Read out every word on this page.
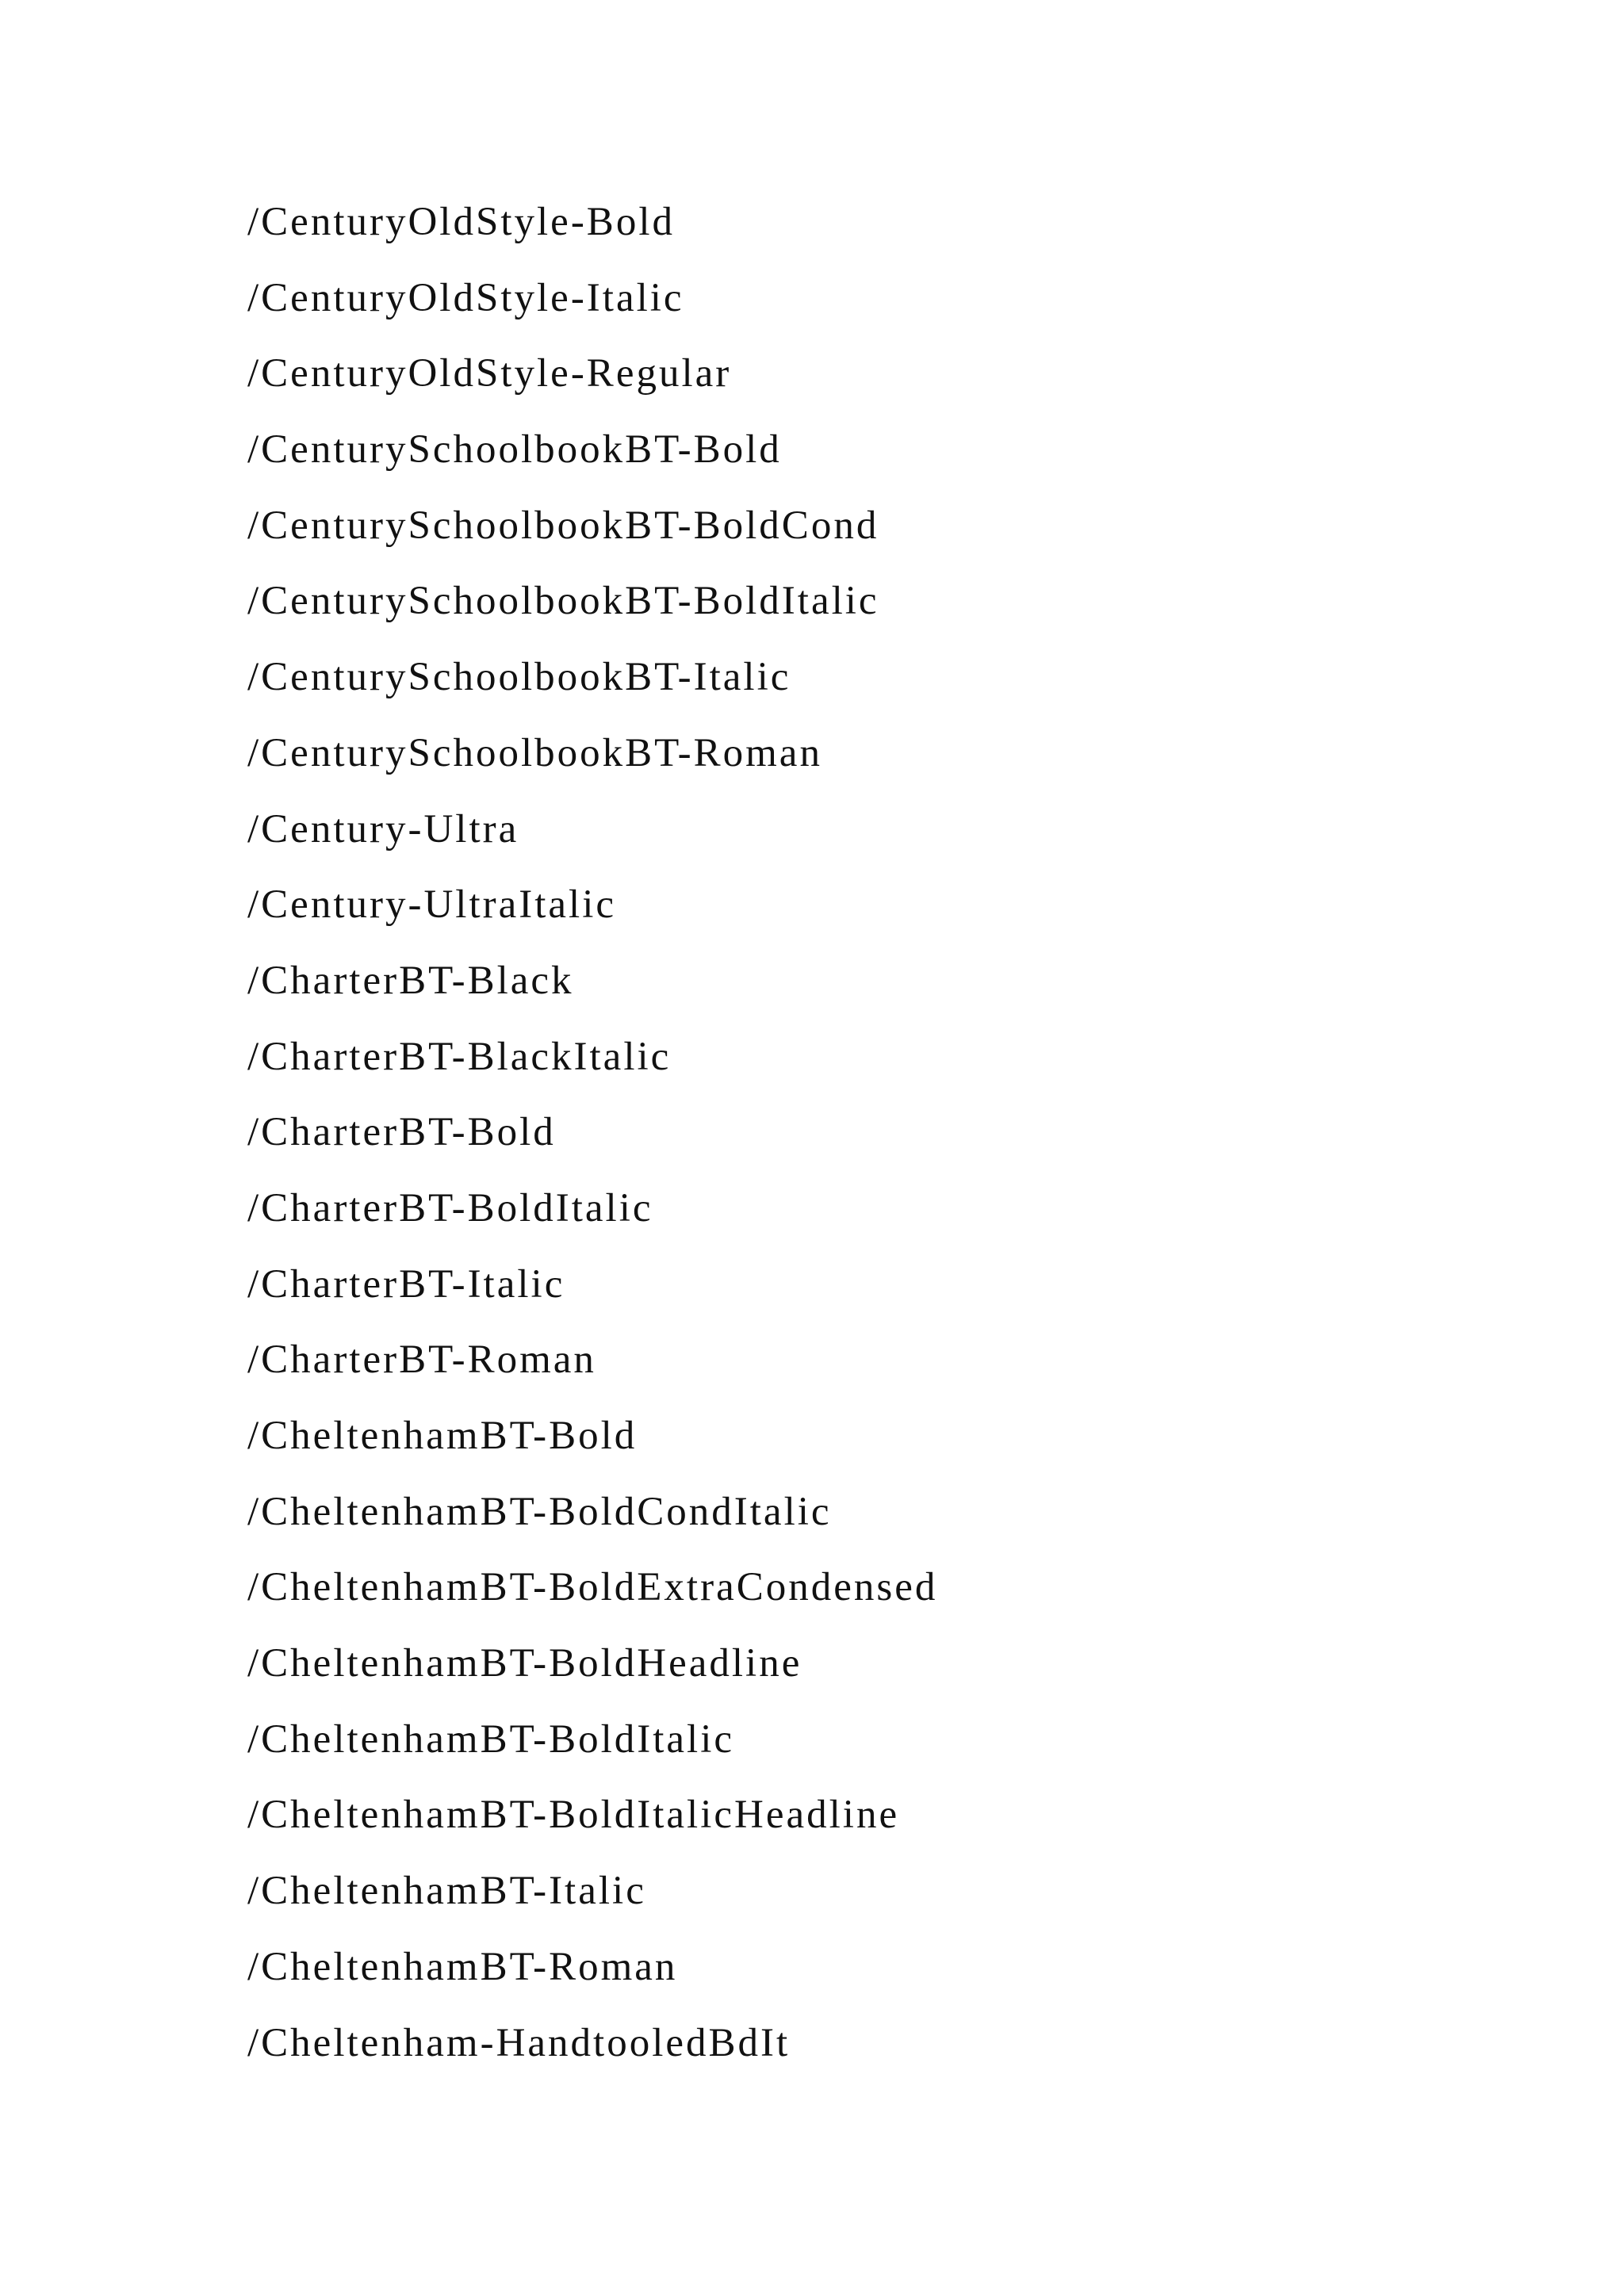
/CenturyOldStyle-Bold
/CenturyOldStyle-Italic
/CenturyOldStyle-Regular
/CenturySchoolbookBT-Bold
/CenturySchoolbookBT-BoldCond
/CenturySchoolbookBT-BoldItalic
/CenturySchoolbookBT-Italic
/CenturySchoolbookBT-Roman
/Century-Ultra
/Century-UltraItalic
/CharterBT-Black
/CharterBT-BlackItalic
/CharterBT-Bold
/CharterBT-BoldItalic
/CharterBT-Italic
/CharterBT-Roman
/CheltenhamBT-Bold
/CheltenhamBT-BoldCondItalic
/CheltenhamBT-BoldExtraCondensed
/CheltenhamBT-BoldHeadline
/CheltenhamBT-BoldItalic
/CheltenhamBT-BoldItalicHeadline
/CheltenhamBT-Italic
/CheltenhamBT-Roman
/Cheltenham-HandtooledBdIt
